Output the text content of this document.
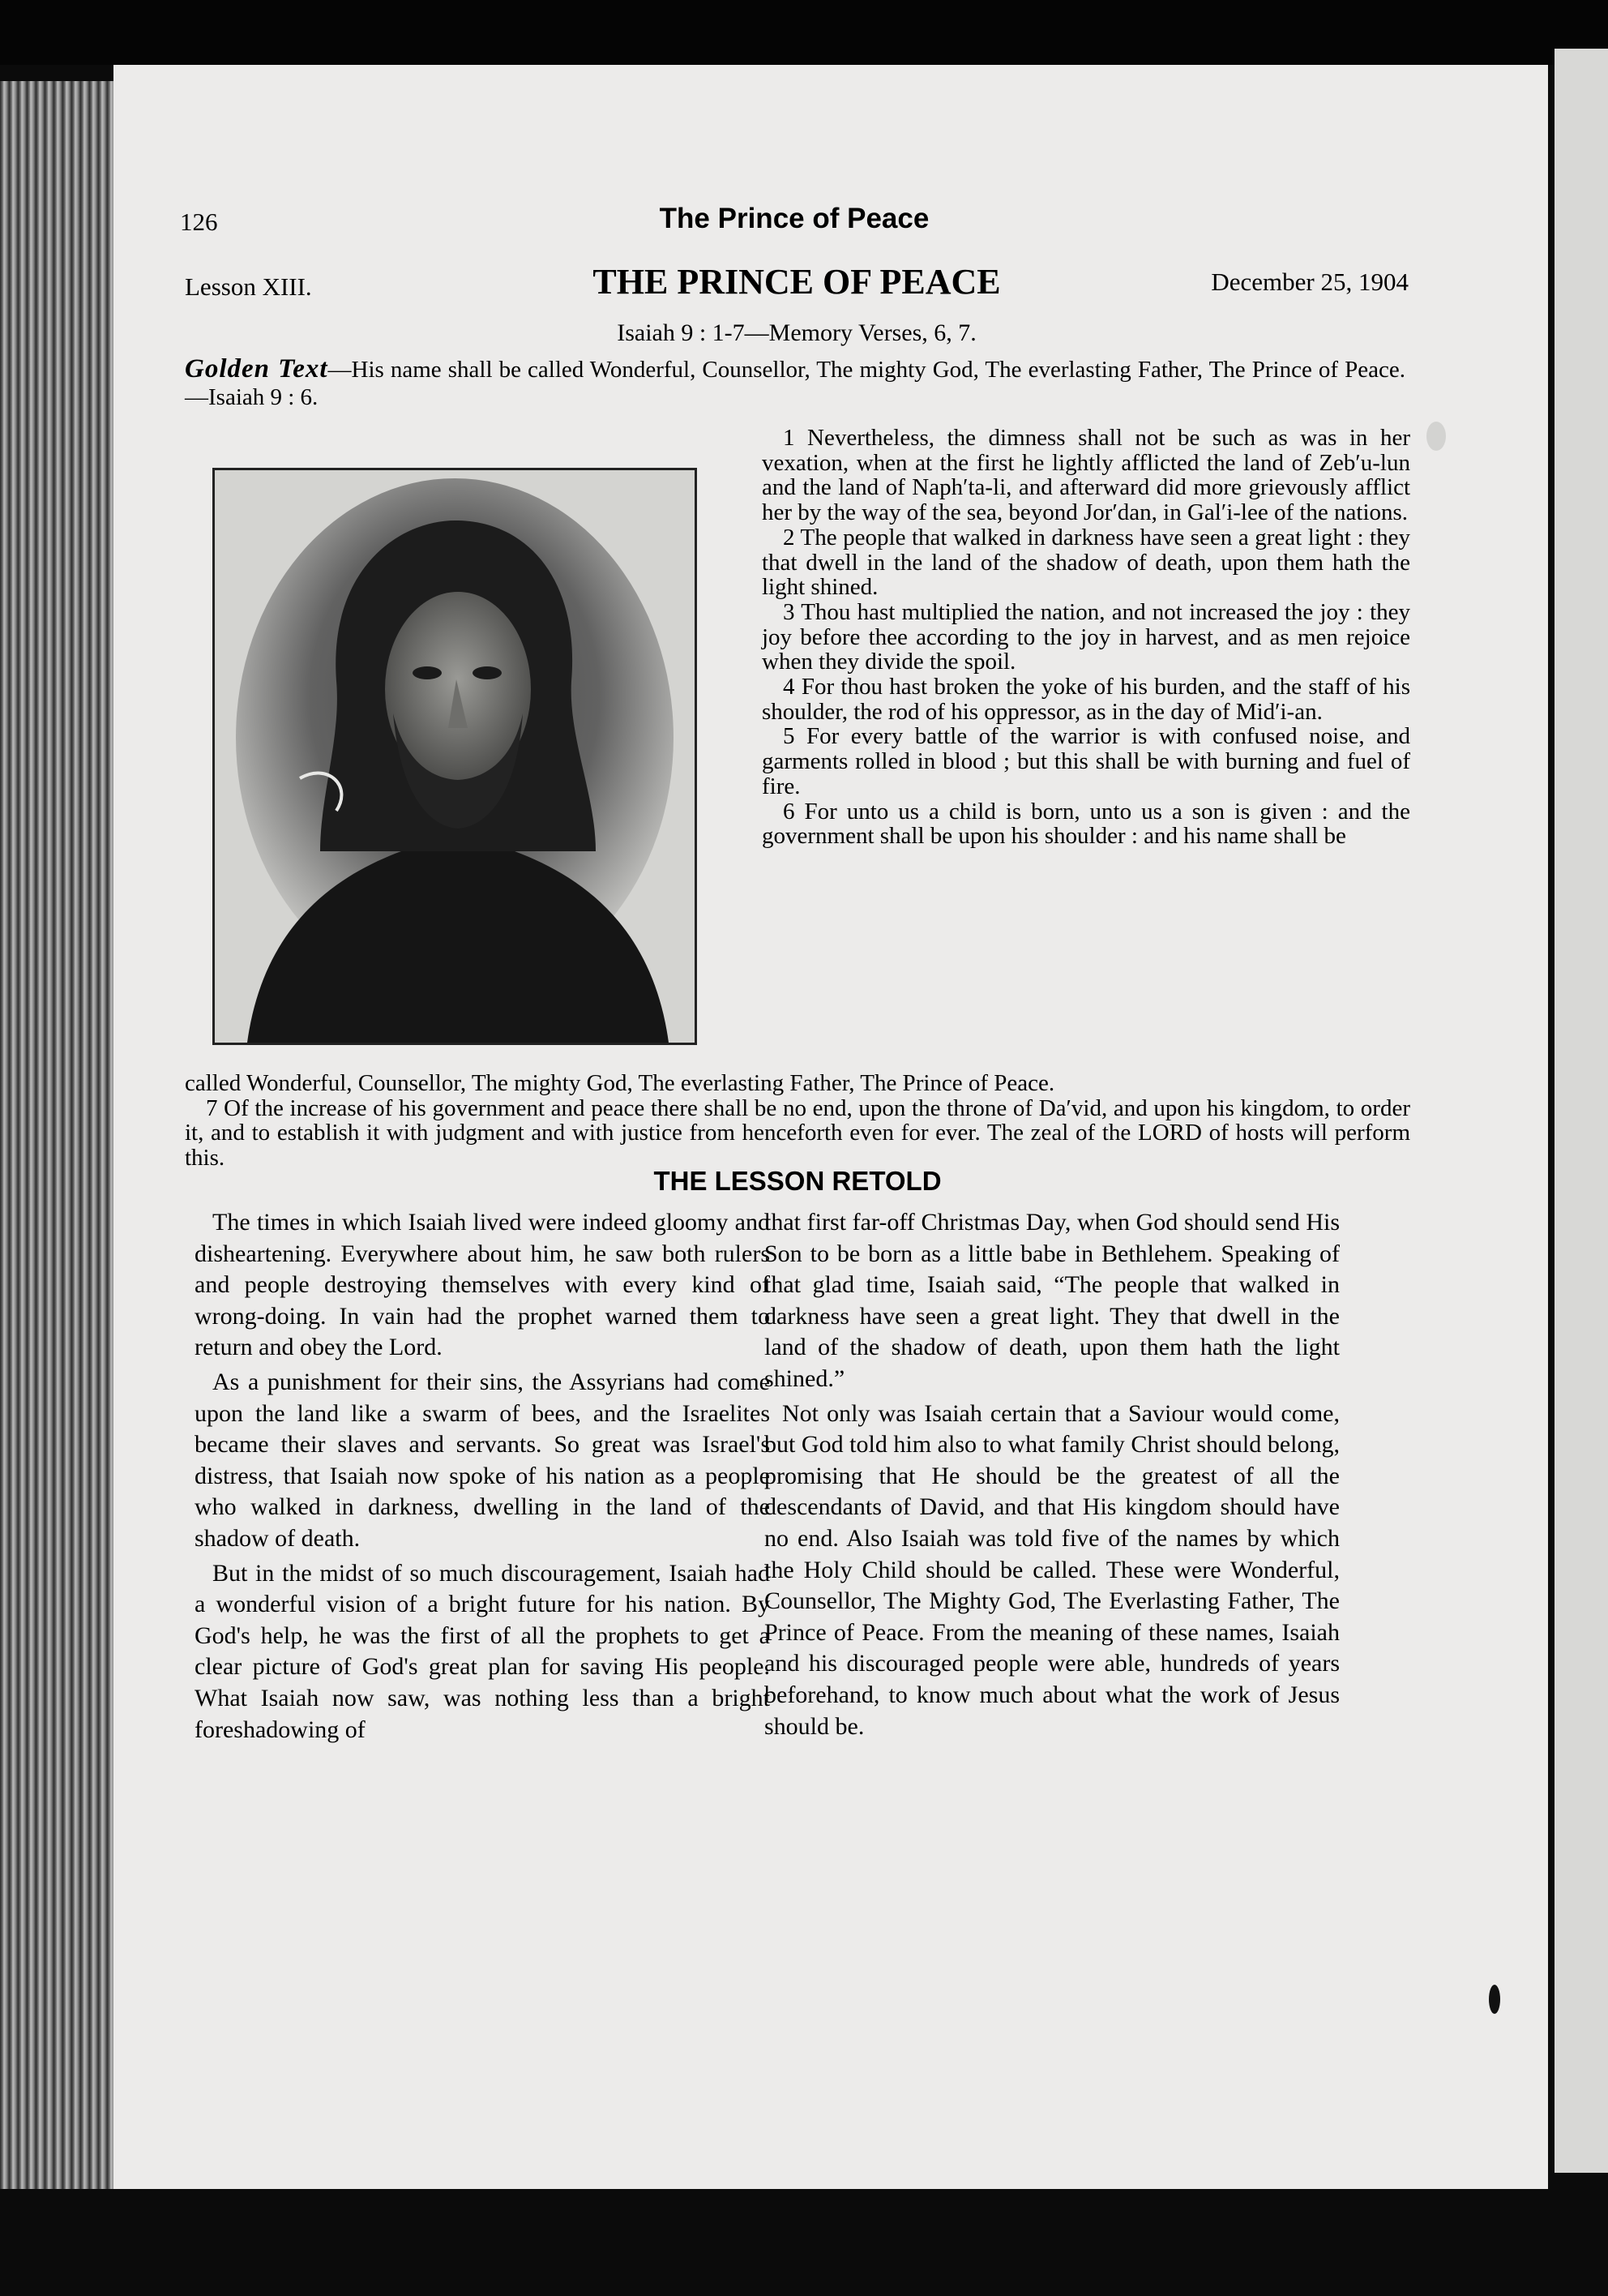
126	The Prince of Peace
Lesson XIII.	THE PRINCE OF PEACE	December 25, 1904
Isaiah 9 : 1-7—Memory Verses, 6, 7.
Golden Text—His name shall be called Wonderful, Counsellor, The mighty God, The everlasting Father, The Prince of Peace.—Isaiah 9 : 6.

1 Nevertheless, the dimness shall not be such as was in her vexation, when at the first he lightly afflicted the land of Zeb′u-lun and the land of Naph′ta-li, and afterward did more grievously afflict her by the way of the sea, beyond Jor′dan, in Gal′i-lee of the nations.

2 The people that walked in darkness have seen a great light : they that dwell in the land of the shadow of death, upon them hath the light shined.

3 Thou hast multiplied the nation, and not increased the joy : they joy before thee according to the joy in harvest, and as men rejoice when they divide the spoil.

4 For thou hast broken the yoke of his burden, and the staff of his shoulder, the rod of his oppressor, as in the day of Mid′i-an.

5 For every battle of the warrior is with confused noise, and garments rolled in blood ; but this shall be with burning and fuel of fire.

6 For unto us a child is born, unto us a son is given : and the government shall be upon his shoulder : and his name shall be

called Wonderful, Counsellor, The mighty God, The everlasting Father, The Prince of Peace.

7 Of the increase of his government and peace there shall be no end, upon the throne of Da′vid, and upon his kingdom, to order it, and to establish it with judgment and with justice from henceforth even for ever. The zeal of the LORD of hosts will perform this.

THE LESSON RETOLD

The times in which Isaiah lived were indeed gloomy and disheartening. Everywhere about him, he saw both rulers and people destroying themselves with every kind of wrong-doing. In vain had the prophet warned them to return and obey the Lord.

As a punishment for their sins, the Assyrians had come upon the land like a swarm of bees, and the Israelites became their slaves and servants. So great was Israel's distress, that Isaiah now spoke of his nation as a people who walked in darkness, dwelling in the land of the shadow of death.

But in the midst of so much discouragement, Isaiah had a wonderful vision of a bright future for his nation. By God's help, he was the first of all the prophets to get a clear picture of God's great plan for saving His people. What Isaiah now saw, was nothing less than a bright foreshadowing of

that first far-off Christmas Day, when God should send His Son to be born as a little babe in Bethlehem. Speaking of that glad time, Isaiah said, “The people that walked in darkness have seen a great light. They that dwell in the land of the shadow of death, upon them hath the light shined.”

Not only was Isaiah certain that a Saviour would come, but God told him also to what family Christ should belong, promising that He should be the greatest of all the descendants of David, and that His kingdom should have no end. Also Isaiah was told five of the names by which the Holy Child should be called. These were Wonderful, Counsellor, The Mighty God, The Everlasting Father, The Prince of Peace. From the meaning of these names, Isaiah and his discouraged people were able, hundreds of years beforehand, to know much about what the work of Jesus should be.
